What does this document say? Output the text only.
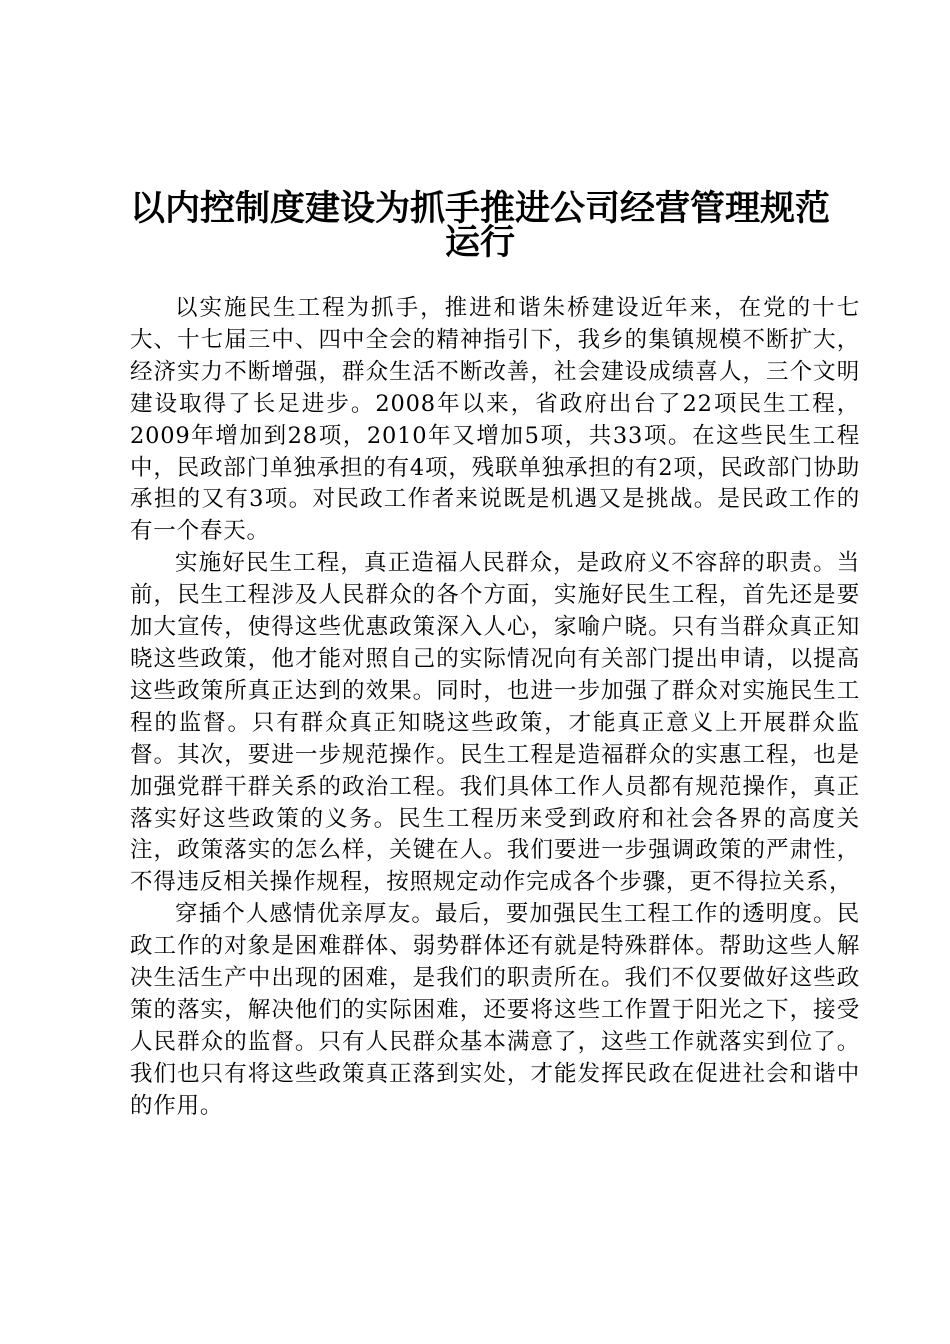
以内控制度建设为抓手推进公司经营管理规范
运行

以实施民生工程为抓手，推进和谐朱桥建设近年来，在党的十七大、十七届三中、四中全会的精神指引下，我乡的集镇规模不断扩大，经济实力不断增强，群众生活不断改善，社会建设成绩喜人，三个文明建设取得了长足进步。2008年以来，省政府出台了22项民生工程，2009年增加到28项，2010年又增加5项，共33项。在这些民生工程中，民政部门单独承担的有4项，残联单独承担的有2项，民政部门协助承担的又有3项。对民政工作者来说既是机遇又是挑战。是民政工作的有一个春天。

实施好民生工程，真正造福人民群众，是政府义不容辞的职责。当前，民生工程涉及人民群众的各个方面，实施好民生工程，首先还是要加大宣传，使得这些优惠政策深入人心，家喻户晓。只有当群众真正知晓这些政策，他才能对照自己的实际情况向有关部门提出申请，以提高这些政策所真正达到的效果。同时，也进一步加强了群众对实施民生工程的监督。只有群众真正知晓这些政策，才能真正意义上开展群众监督。其次，要进一步规范操作。民生工程是造福群众的实惠工程，也是加强党群干群关系的政治工程。我们具体工作人员都有规范操作，真正落实好这些政策的义务。民生工程历来受到政府和社会各界的高度关注，政策落实的怎么样，关键在人。我们要进一步强调政策的严肃性，不得违反相关操作规程，按照规定动作完成各个步骤，更不得拉关系，

穿插个人感情优亲厚友。最后，要加强民生工程工作的透明度。民政工作的对象是困难群体、弱势群体还有就是特殊群体。帮助这些人解决生活生产中出现的困难，是我们的职责所在。我们不仅要做好这些政策的落实，解决他们的实际困难，还要将这些工作置于阳光之下，接受人民群众的监督。只有人民群众基本满意了，这些工作就落实到位了。我们也只有将这些政策真正落到实处，才能发挥民政在促进社会和谐中的作用。
